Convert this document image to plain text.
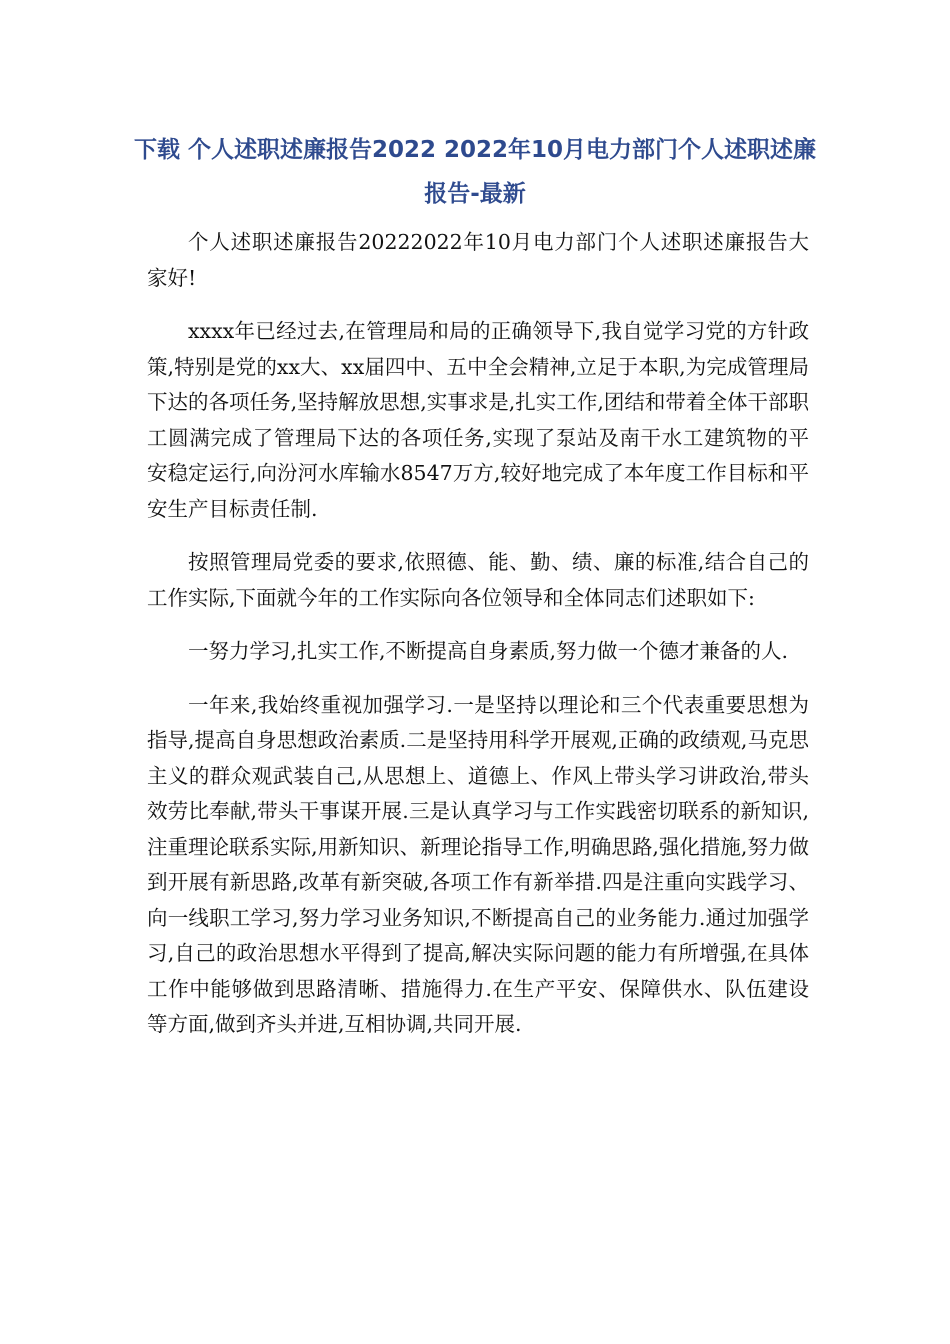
下载 个人述职述廉报告2022 2022年10月电力部门个人述职述廉报告-最新

个人述职述廉报告20222022年10月电力部门个人述职述廉报告大家好!

xxxx年已经过去,在管理局和局的正确领导下,我自觉学习党的方针政策,特别是党的xx大、xx届四中、五中全会精神,立足于本职,为完成管理局下达的各项任务,坚持解放思想,实事求是,扎实工作,团结和带着全体干部职工圆满完成了管理局下达的各项任务,实现了泵站及南干水工建筑物的平安稳定运行,向汾河水库输水8547万方,较好地完成了本年度工作目标和平安生产目标责任制.

按照管理局党委的要求,依照德、能、勤、绩、廉的标准,结合自己的工作实际,下面就今年的工作实际向各位领导和全体同志们述职如下:

一努力学习,扎实工作,不断提高自身素质,努力做一个德才兼备的人.

一年来,我始终重视加强学习.一是坚持以理论和三个代表重要思想为指导,提高自身思想政治素质.二是坚持用科学开展观,正确的政绩观,马克思主义的群众观武装自己,从思想上、道德上、作风上带头学习讲政治,带头效劳比奉献,带头干事谋开展.三是认真学习与工作实践密切联系的新知识,注重理论联系实际,用新知识、新理论指导工作,明确思路,强化措施,努力做到开展有新思路,改革有新突破,各项工作有新举措.四是注重向实践学习、向一线职工学习,努力学习业务知识,不断提高自己的业务能力.通过加强学习,自己的政治思想水平得到了提高,解决实际问题的能力有所增强,在具体工作中能够做到思路清晰、措施得力.在生产平安、保障供水、队伍建设等方面,做到齐头并进,互相协调,共同开展.
